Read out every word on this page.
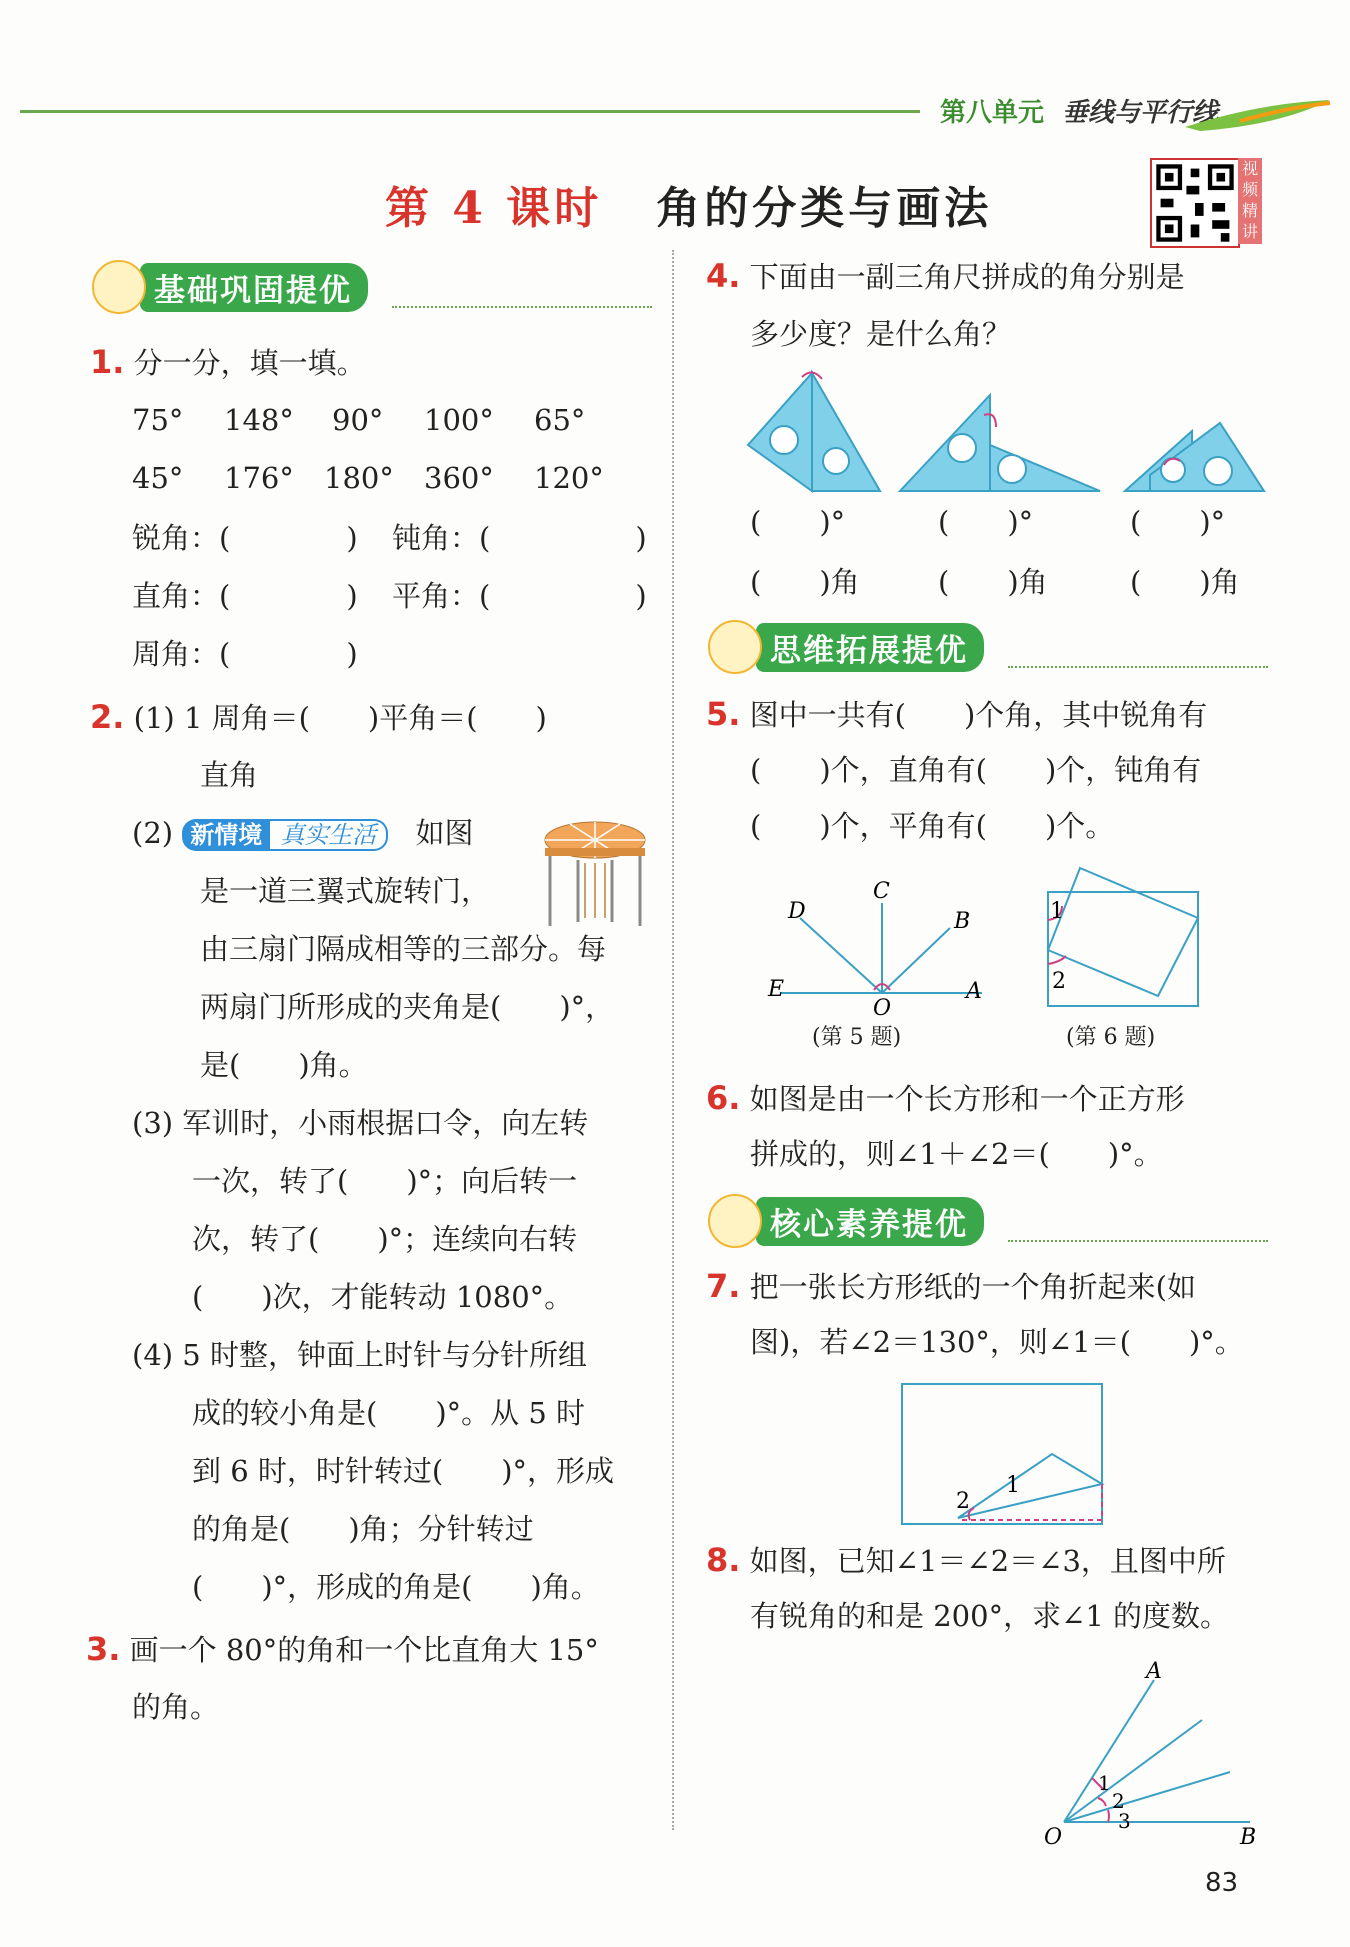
第八单元 垂线与平行线
第 4 课时 角的分类与画法
视频精讲
基础巩固提优
1. 分一分，填一填。
75° 148° 90° 100° 65°
45° 176° 180° 360° 120°
锐角：(　　　　) 钝角：(　　　　　)
直角：(　　　　) 平角：(　　　　　)
周角：(　　　　)
2. (1) 1 周角＝(　　)平角＝(　　)
直角
(2) 新情境 真实生活 如图
是一道三翼式旋转门，
由三扇门隔成相等的三部分。每
两扇门所形成的夹角是(　　)°，
是(　　)角。
(3) 军训时，小雨根据口令，向左转
一次，转了(　　)°；向后转一
次，转了(　　)°；连续向右转
(　　)次，才能转动 1080°。
(4) 5 时整，钟面上时针与分针所组
成的较小角是(　　)°。从 5 时
到 6 时，时针转过(　　)°，形成
的角是(　　)角；分针转过
(　　)°，形成的角是(　　)角。
3. 画一个 80°的角和一个比直角大 15°
的角。
4. 下面由一副三角尺拼成的角分别是
多少度？是什么角？
(　　)°	(　　)°	(　　)°
(　　)角	(　　)角	(　　)角
思维拓展提优
5. 图中一共有(　　)个角，其中锐角有
(　　)个，直角有(　　)个，钝角有
(　　)个，平角有(　　)个。
D
C
B
E
O
A
(第 5 题)
1
2
(第 6 题)
6. 如图是由一个长方形和一个正方形
拼成的，则∠1＋∠2＝(　　)°。
核心素养提优
7. 把一张长方形纸的一个角折起来(如
图)，若∠2＝130°，则∠1＝(　　)°。
2
1
8. 如图，已知∠1＝∠2＝∠3，且图中所
有锐角的和是 200°，求∠1 的度数。
A
B
O
1
2
3
83
